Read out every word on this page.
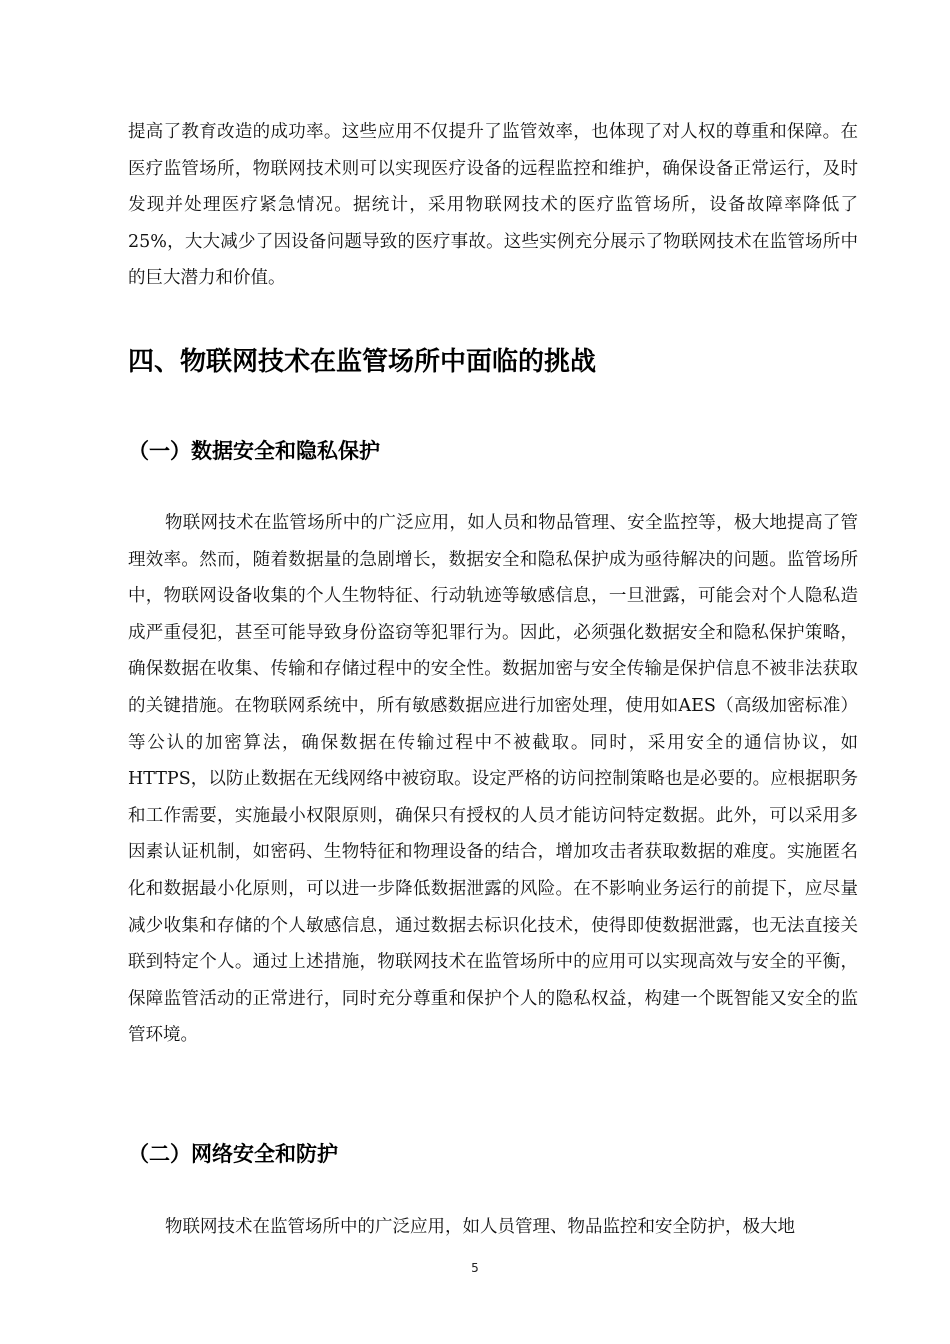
提高了教育改造的成功率。这些应用不仅提升了监管效率，也体现了对人权的尊重和保障。在医疗监管场所，物联网技术则可以实现医疗设备的远程监控和维护，确保设备正常运行，及时发现并处理医疗紧急情况。据统计，采用物联网技术的医疗监管场所，设备故障率降低了 25%，大大减少了因设备问题导致的医疗事故。这些实例充分展示了物联网技术在监管场所中的巨大潜力和价值。

四、物联网技术在监管场所中面临的挑战
（一）数据安全和隐私保护

物联网技术在监管场所中的广泛应用，如人员和物品管理、安全监控等，极大地提高了管理效率。然而，随着数据量的急剧增长，数据安全和隐私保护成为亟待解决的问题。监管场所中，物联网设备收集的个人生物特征、行动轨迹等敏感信息，一旦泄露，可能会对个人隐私造成严重侵犯，甚至可能导致身份盗窃等犯罪行为。因此，必须强化数据安全和隐私保护策略，确保数据在收集、传输和存储过程中的安全性。数据加密与安全传输是保护信息不被非法获取的关键措施。在物联网系统中，所有敏感数据应进行加密处理，使用如AES（高级加密标准）等公认的加密算法，确保数据在传输过程中不被截取。同时，采用安全的通信协议，如HTTPS，以防止数据在无线网络中被窃取。设定严格的访问控制策略也是必要的。应根据职务和工作需要，实施最小权限原则，确保只有授权的人员才能访问特定数据。此外，可以采用多因素认证机制，如密码、生物特征和物理设备的结合，增加攻击者获取数据的难度。实施匿名化和数据最小化原则，可以进一步降低数据泄露的风险。在不影响业务运行的前提下，应尽量减少收集和存储的个人敏感信息，通过数据去标识化技术，使得即使数据泄露，也无法直接关联到特定个人。通过上述措施，物联网技术在监管场所中的应用可以实现高效与安全的平衡，保障监管活动的正常进行，同时充分尊重和保护个人的隐私权益，构建一个既智能又安全的监管环境。

（二）网络安全和防护

物联网技术在监管场所中的广泛应用，如人员管理、物品监控和安全防护，极大地

5
